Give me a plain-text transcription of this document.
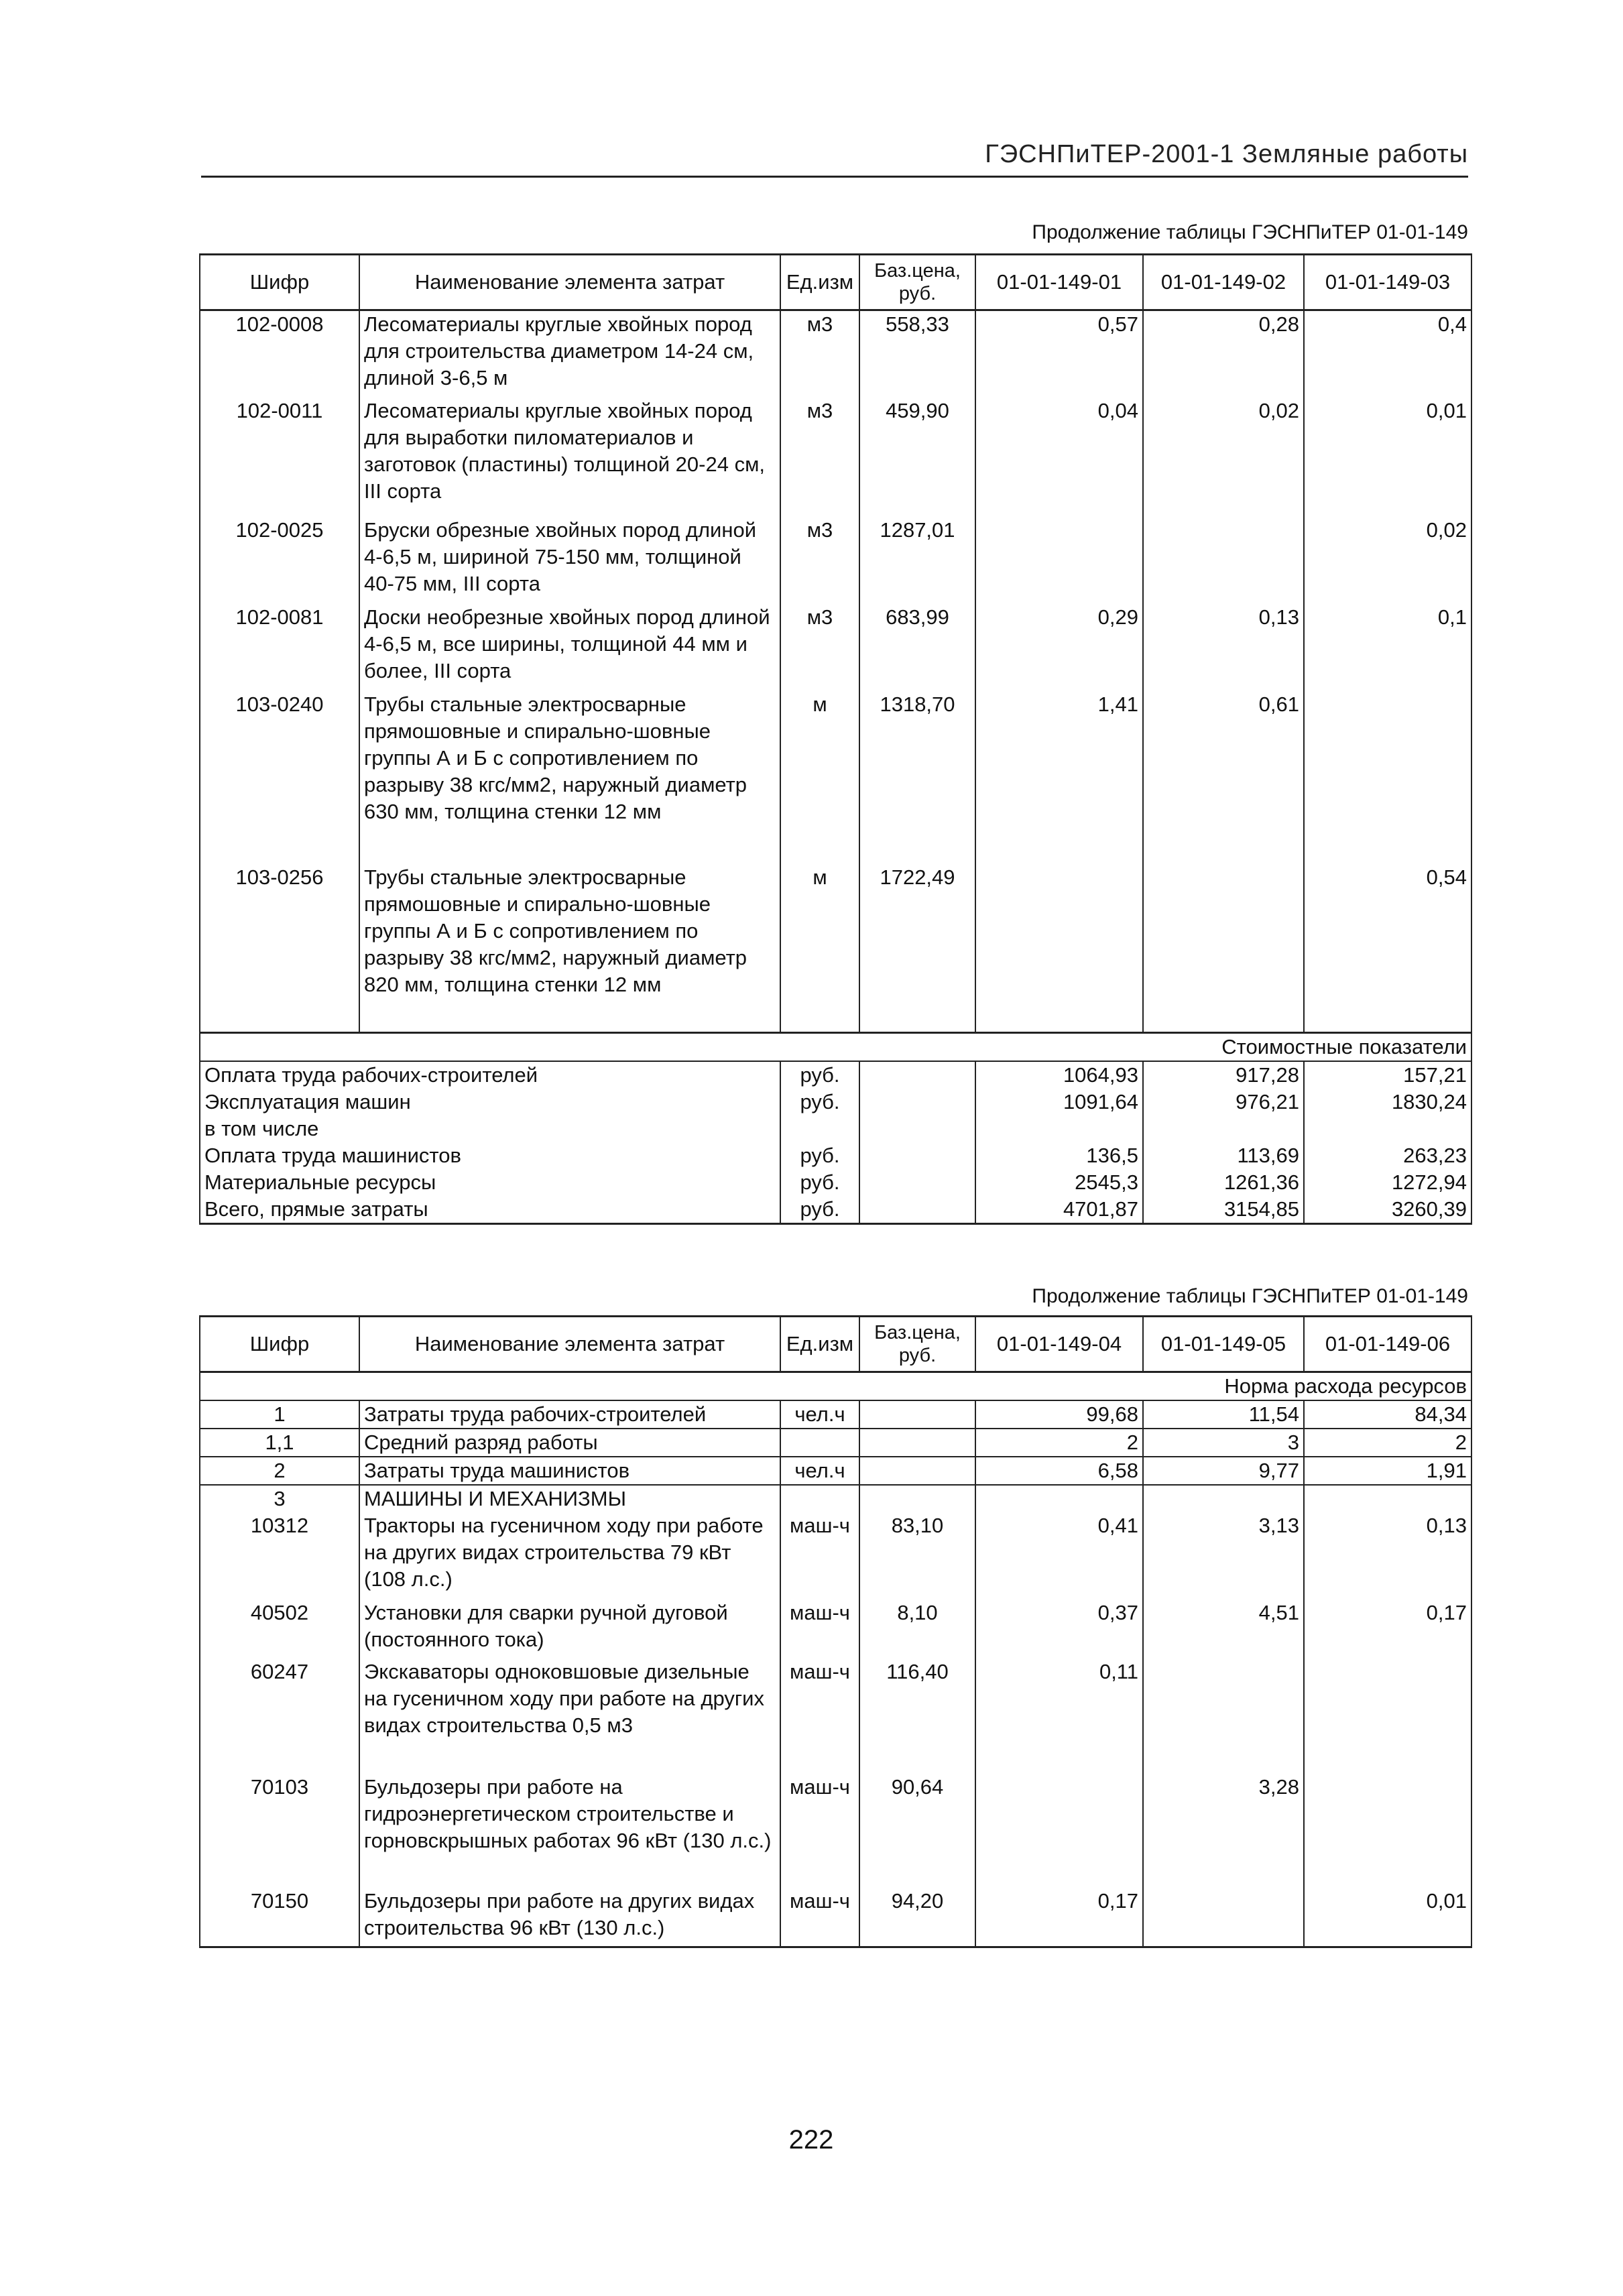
ГЭСНПиТЕР-2001-1 Земляные работы
Продолжение таблицы ГЭСНПиТЕР 01-01-149
Шифр	Наименование элемента затрат	Ед.изм	Баз.цена, руб.	01-01-149-01	01-01-149-02	01-01-149-03
102-0008	Лесоматериалы круглые хвойных пород для строительства диаметром 14-24 см, длиной 3-6,5 м	м3	558,33	0,57	0,28	0,4
102-0011	Лесоматериалы круглые хвойных пород для выработки пиломатериалов и заготовок (пластины) толщиной 20-24 см, III сорта	м3	459,90	0,04	0,02	0,01
102-0025	Бруски обрезные хвойных пород длиной 4-6,5 м, шириной 75-150 мм, толщиной 40-75 мм, III сорта	м3	1287,01			0,02
102-0081	Доски необрезные хвойных пород длиной 4-6,5 м, все ширины, толщиной 44 мм и более, III сорта	м3	683,99	0,29	0,13	0,1
103-0240	Трубы стальные электросварные прямошовные и спирально-шовные группы А и Б с сопротивлением по разрыву 38 кгс/мм2, наружный диаметр 630 мм, толщина стенки 12 мм	м	1318,70	1,41	0,61	
103-0256	Трубы стальные электросварные прямошовные и спирально-шовные группы А и Б с сопротивлением по разрыву 38 кгс/мм2, наружный диаметр 820 мм, толщина стенки 12 мм	м	1722,49			0,54
Стоимостные показатели						
Оплата труда рабочих-строителей		руб.		1064,93	917,28	157,21
Эксплуатация машин		руб.		1091,64	976,21	1830,24
в том числе						
Оплата труда машинистов		руб.		136,5	113,69	263,23
Материальные ресурсы		руб.		2545,3	1261,36	1272,94
Всего, прямые затраты		руб.		4701,87	3154,85	3260,39
Продолжение таблицы ГЭСНПиТЕР 01-01-149
Шифр	Наименование элемента затрат	Ед.изм	Баз.цена, руб.	01-01-149-04	01-01-149-05	01-01-149-06
Норма расхода ресурсов						
1	Затраты труда рабочих-строителей	чел.ч		99,68	11,54	84,34
1,1	Средний разряд работы			2	3	2
2	Затраты труда машинистов	чел.ч		6,58	9,77	1,91
3	МАШИНЫ И МЕХАНИЗМЫ					
10312	Тракторы на гусеничном ходу при работе на других видах строительства 79 кВт (108 л.с.)	маш-ч	83,10	0,41	3,13	0,13
40502	Установки для сварки ручной дуговой (постоянного тока)	маш-ч	8,10	0,37	4,51	0,17
60247	Экскаваторы одноковшовые дизельные на гусеничном ходу при работе на других видах строительства 0,5 м3	маш-ч	116,40	0,11		
70103	Бульдозеры при работе на гидроэнергетическом строительстве и горновскрышных работах 96 кВт (130 л.с.)	маш-ч	90,64		3,28	
70150	Бульдозеры при работе на других видах строительства 96 кВт (130 л.с.)	маш-ч	94,20	0,17		0,01
222
